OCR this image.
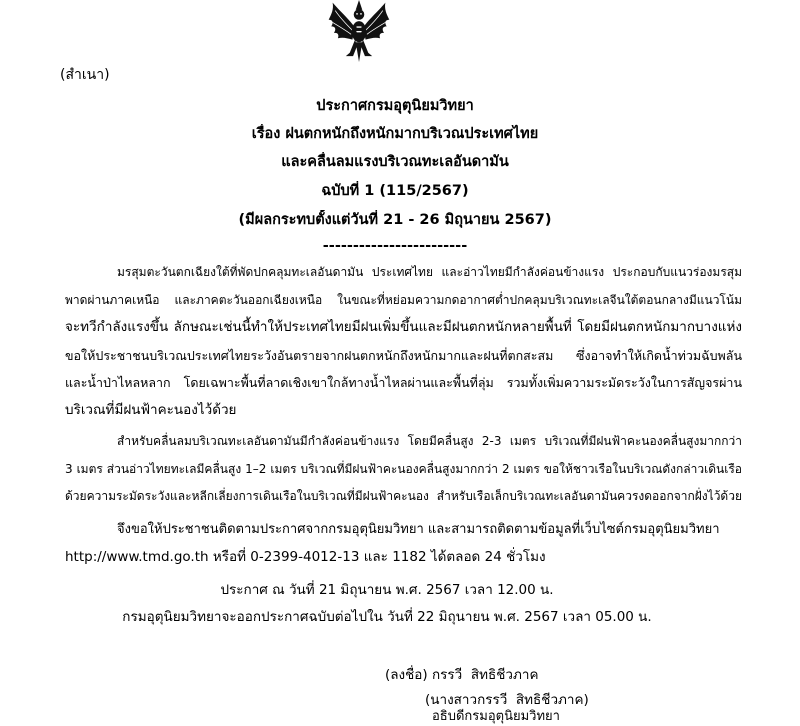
(สำเนา)
ประกาศกรมอุตุนิยมวิทยา
เรื่อง ฝนตกหนักถึงหนักมากบริเวณประเทศไทย
และคลื่นลมแรงบริเวณทะเลอันดามัน
ฉบับที่ 1 (115/2567)
(มีผลกระทบตั้งแต่วันที่ 21 - 26 มิถุนายน 2567)
------------------------
มรสุมตะวันตกเฉียงใต้ที่พัดปกคลุมทะเลอันดามัน ประเทศไทย และอ่าวไทยมีกำลังค่อนข้างแรง ประกอบกับแนวร่องมรสุม
พาดผ่านภาคเหนือ และภาคตะวันออกเฉียงเหนือ ในขณะที่หย่อมความกดอากาศต่ำปกคลุมบริเวณทะเลจีนใต้ตอนกลางมีแนวโน้ม
จะทวีกำลังแรงขึ้น ลักษณะเช่นนี้ทำให้ประเทศไทยมีฝนเพิ่มขึ้นและมีฝนตกหนักหลายพื้นที่ โดยมีฝนตกหนักมากบางแห่ง
ขอให้ประชาชนบริเวณประเทศไทยระวังอันตรายจากฝนตกหนักถึงหนักมากและฝนที่ตกสะสม ซึ่งอาจทำให้เกิดน้ำท่วมฉับพลัน
และน้ำป่าไหลหลาก โดยเฉพาะพื้นที่ลาดเชิงเขาใกล้ทางน้ำไหลผ่านและพื้นที่ลุ่ม รวมทั้งเพิ่มความระมัดระวังในการสัญจรผ่าน
บริเวณที่มีฝนฟ้าคะนองไว้ด้วย
สำหรับคลื่นลมบริเวณทะเลอันดามันมีกำลังค่อนข้างแรง โดยมีคลื่นสูง 2-3 เมตร บริเวณที่มีฝนฟ้าคะนองคลื่นสูงมากกว่า
3 เมตร ส่วนอ่าวไทยทะเลมีคลื่นสูง 1–2 เมตร บริเวณที่มีฝนฟ้าคะนองคลื่นสูงมากกว่า 2 เมตร ขอให้ชาวเรือในบริเวณดังกล่าวเดินเรือ
ด้วยความระมัดระวังและหลีกเลี่ยงการเดินเรือในบริเวณที่มีฝนฟ้าคะนอง สำหรับเรือเล็กบริเวณทะเลอันดามันควรงดออกจากฝั่งไว้ด้วย
จึงขอให้ประชาชนติดตามประกาศจากกรมอุตุนิยมวิทยา และสามารถติดตามข้อมูลที่เว็บไซต์กรมอุตุนิยมวิทยา
http://www.tmd.go.th หรือที่ 0-2399-4012-13 และ 1182 ได้ตลอด 24 ชั่วโมง
ประกาศ ณ วันที่ 21 มิถุนายน พ.ศ. 2567 เวลา 12.00 น.
กรมอุตุนิยมวิทยาจะออกประกาศฉบับต่อไปใน วันที่ 22 มิถุนายน พ.ศ. 2567 เวลา 05.00 น.
(ลงชื่อ) กรรวี  สิทธิชีวภาค
(นางสาวกรรวี  สิทธิชีวภาค)
อธิบดีกรมอุตุนิยมวิทยา
